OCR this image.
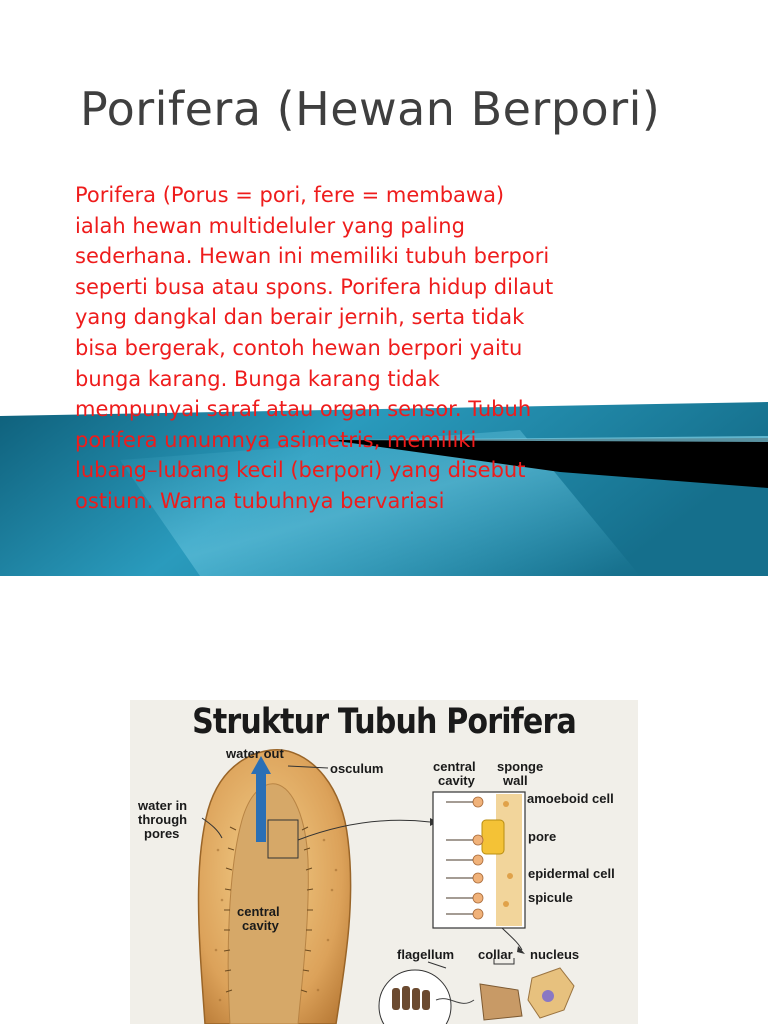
Porifera (Hewan Berpori)

Porifera (Porus = pori, fere = membawa)
ialah hewan multideluler yang paling
sederhana. Hewan ini memiliki tubuh berpori
seperti busa atau spons. Porifera hidup dilaut
yang dangkal dan berair jernih, serta tidak
bisa bergerak, contoh hewan berpori yaitu
bunga karang. Bunga karang tidak
mempunyai saraf atau organ sensor. Tubuh
porifera umumnya asimetris, memiliki
lubang–lubang kecil (berpori) yang disebut
ostium. Warna tubuhnya bervariasi

Struktur Tubuh Porifera
water out
osculum
water in
through
pores
central
cavity
central
cavity
sponge
wall
amoeboid cell
pore
epidermal cell
spicule
flagellum collar nucleus
